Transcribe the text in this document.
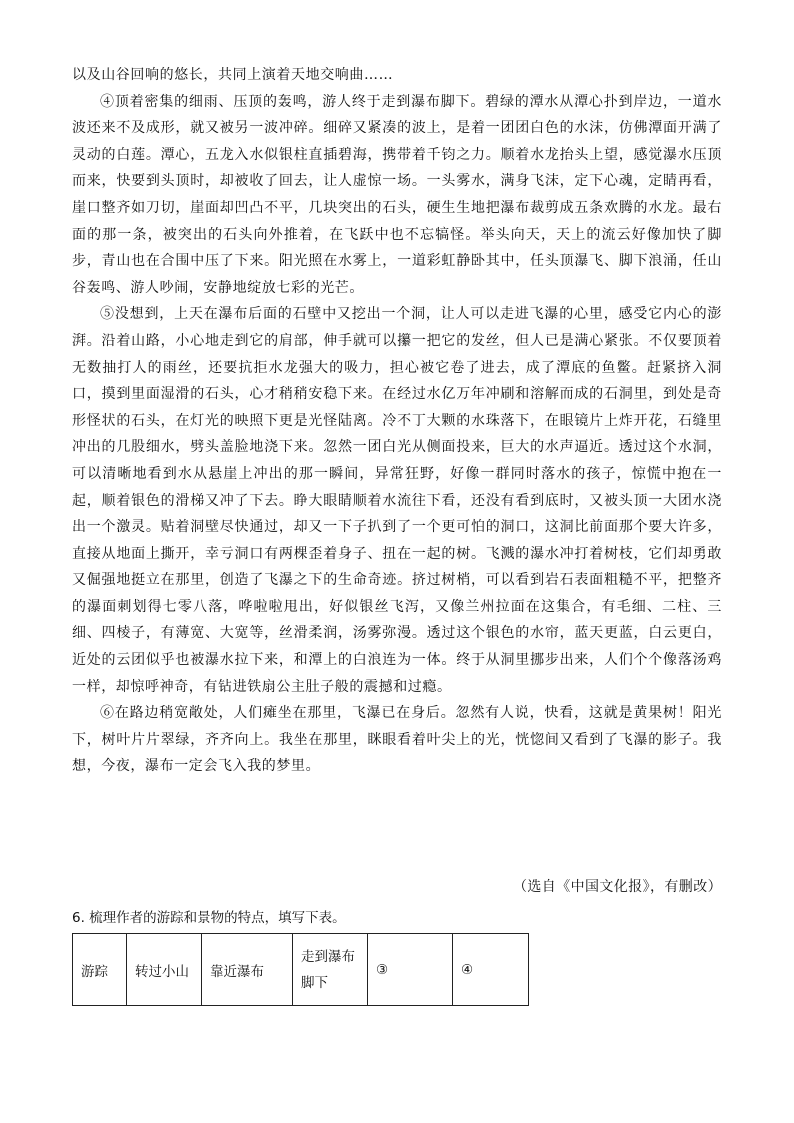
以及山谷回响的悠长，共同上演着天地交响曲……

④顶着密集的细雨、压顶的轰鸣，游人终于走到瀑布脚下。碧绿的潭水从潭心扑到岸边，一道水波还来不及成形，就又被另一波冲碎。细碎又紧凑的波上，是着一团团白色的水沫，仿佛潭面开满了灵动的白莲。潭心，五龙入水似银柱直插碧海，携带着千钧之力。顺着水龙抬头上望，感觉瀑水压顶而来，快要到头顶时，却被收了回去，让人虚惊一场。一头雾水，满身飞沫，定下心魂，定睛再看，崖口整齐如刀切，崖面却凹凸不平，几块突出的石头，硬生生地把瀑布裁剪成五条欢腾的水龙。最右面的那一条，被突出的石头向外推着，在飞跃中也不忘犒怪。举头向天，天上的流云好像加快了脚步，青山也在合围中压了下来。阳光照在水雾上，一道彩虹静卧其中，任头顶瀑飞、脚下浪涌，任山谷轰鸣、游人吵闹，安静地绽放七彩的光芒。

⑤没想到，上天在瀑布后面的石壁中又挖出一个洞，让人可以走进飞瀑的心里，感受它内心的澎湃。沿着山路，小心地走到它的肩部，伸手就可以攥一把它的发丝，但人已是满心紧张。不仅要顶着无数抽打人的雨丝，还要抗拒水龙强大的吸力，担心被它卷了进去，成了潭底的鱼鳖。赶紧挤入洞口，摸到里面湿滑的石头，心才稍稍安稳下来。在经过水亿万年冲刷和溶解而成的石洞里，到处是奇形怪状的石头，在灯光的映照下更是光怪陆离。冷不丁大颗的水珠落下，在眼镜片上炸开花，石缝里冲出的几股细水，劈头盖脸地浇下来。忽然一团白光从侧面投来，巨大的水声逼近。透过这个水洞，可以清晰地看到水从悬崖上冲出的那一瞬间，异常狂野，好像一群同时落水的孩子，惊慌中抱在一起，顺着银色的滑梯又冲了下去。睁大眼睛顺着水流往下看，还没有看到底时，又被头顶一大团水浇出一个激灵。贴着洞壁尽快通过，却又一下子扒到了一个更可怕的洞口，这洞比前面那个要大许多，直接从地面上撕开，幸亏洞口有两棵歪着身子、扭在一起的树。飞溅的瀑水冲打着树枝，它们却勇敢又倔强地挺立在那里，创造了飞瀑之下的生命奇迹。挤过树梢，可以看到岩石表面粗糙不平，把整齐的瀑面刺划得七零八落，哗啦啦甩出，好似银丝飞泻，又像兰州拉面在这集合，有毛细、二柱、三细、四棱子，有薄宽、大宽等，丝滑柔润，汤雾弥漫。透过这个银色的水帘，蓝天更蓝，白云更白，近处的云团似乎也被瀑水拉下来，和潭上的白浪连为一体。终于从洞里挪步出来，人们个个像落汤鸡一样，却惊呼神奇，有钻进铁扇公主肚子般的震撼和过瘾。

⑥在路边稍宽敞处，人们瘫坐在那里，飞瀑已在身后。忽然有人说，快看，这就是黄果树！阳光下，树叶片片翠绿，齐齐向上。我坐在那里，眯眼看着叶尖上的光，恍惚间又看到了飞瀑的影子。我想，今夜，瀑布一定会飞入我的梦里。

（选自《中国文化报》，有删改）
6. 梳理作者的游踪和景物的特点，填写下表。
游踪	转过小山	靠近瀑布	走到瀑布脚下	③	④
